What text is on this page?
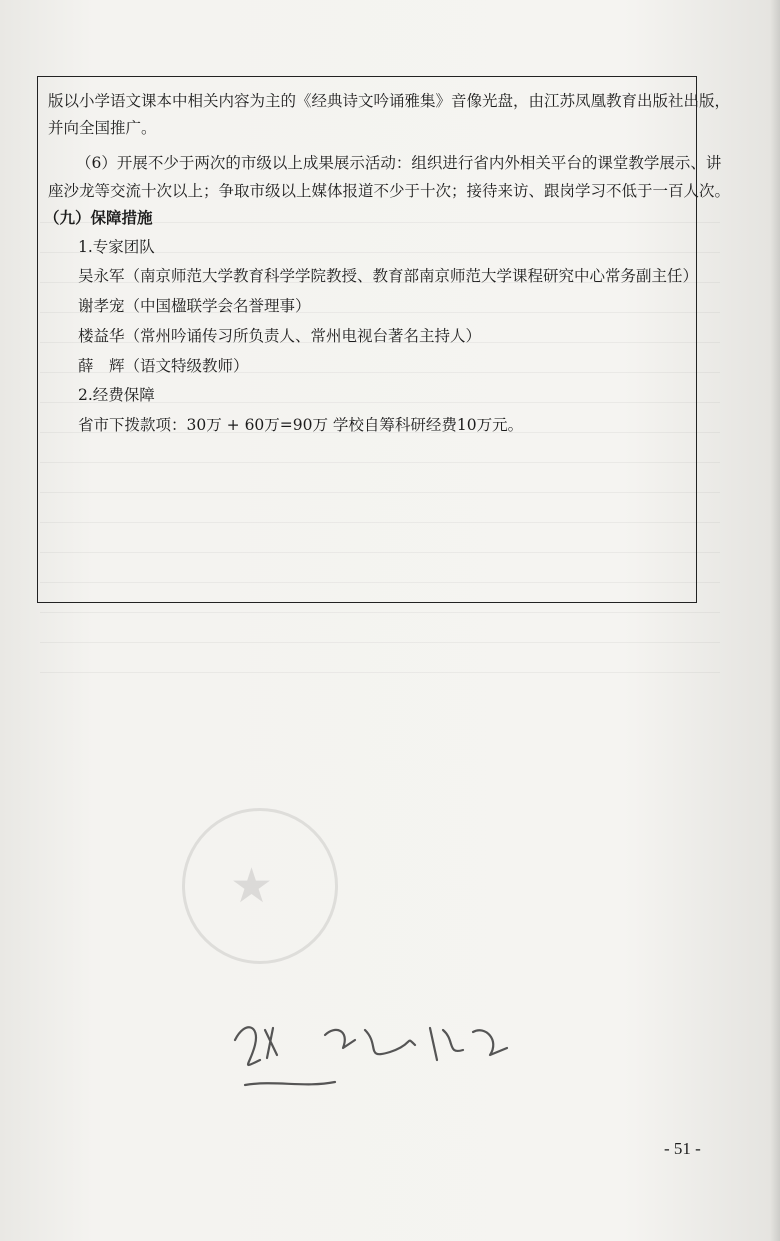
版以小学语文课本中相关内容为主的《经典诗文吟诵雅集》音像光盘，由江苏凤凰教育出版社出版，
并向全国推广。
（6）开展不少于两次的市级以上成果展示活动：组织进行省内外相关平台的课堂教学展示、讲
座沙龙等交流十次以上；争取市级以上媒体报道不少于十次；接待来访、跟岗学习不低于一百人次。
（九）保障措施
1.专家团队
吴永军（南京师范大学教育科学学院教授、教育部南京师范大学课程研究中心常务副主任）
谢孝宠（中国楹联学会名誉理事）
楼益华（常州吟诵传习所负责人、常州电视台著名主持人）
薛　辉（语文特级教师）
2.经费保障
省市下拨款项：30万 + 60万=90万 学校自筹科研经费10万元。
★
- 51 -
